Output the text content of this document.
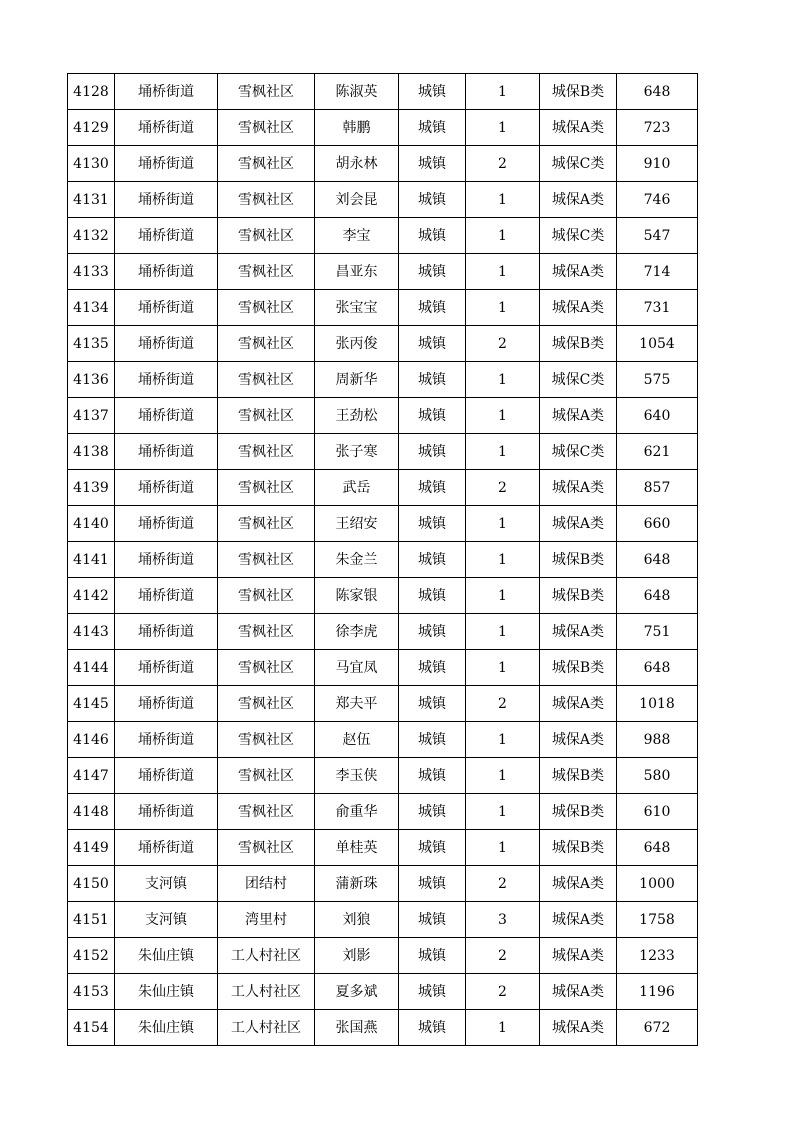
4128	埇桥街道	雪枫社区	陈淑英	城镇	1	城保B类	648
4129	埇桥街道	雪枫社区	韩鹏	城镇	1	城保A类	723
4130	埇桥街道	雪枫社区	胡永林	城镇	2	城保C类	910
4131	埇桥街道	雪枫社区	刘会昆	城镇	1	城保A类	746
4132	埇桥街道	雪枫社区	李宝	城镇	1	城保C类	547
4133	埇桥街道	雪枫社区	昌亚东	城镇	1	城保A类	714
4134	埇桥街道	雪枫社区	张宝宝	城镇	1	城保A类	731
4135	埇桥街道	雪枫社区	张丙俊	城镇	2	城保B类	1054
4136	埇桥街道	雪枫社区	周新华	城镇	1	城保C类	575
4137	埇桥街道	雪枫社区	王劲松	城镇	1	城保A类	640
4138	埇桥街道	雪枫社区	张子寒	城镇	1	城保C类	621
4139	埇桥街道	雪枫社区	武岳	城镇	2	城保A类	857
4140	埇桥街道	雪枫社区	王绍安	城镇	1	城保A类	660
4141	埇桥街道	雪枫社区	朱金兰	城镇	1	城保B类	648
4142	埇桥街道	雪枫社区	陈家银	城镇	1	城保B类	648
4143	埇桥街道	雪枫社区	徐李虎	城镇	1	城保A类	751
4144	埇桥街道	雪枫社区	马宜凤	城镇	1	城保B类	648
4145	埇桥街道	雪枫社区	郑夫平	城镇	2	城保A类	1018
4146	埇桥街道	雪枫社区	赵伍	城镇	1	城保A类	988
4147	埇桥街道	雪枫社区	李玉侠	城镇	1	城保B类	580
4148	埇桥街道	雪枫社区	俞重华	城镇	1	城保B类	610
4149	埇桥街道	雪枫社区	单桂英	城镇	1	城保B类	648
4150	支河镇	团结村	蒲新珠	城镇	2	城保A类	1000
4151	支河镇	湾里村	刘狼	城镇	3	城保A类	1758
4152	朱仙庄镇	工人村社区	刘影	城镇	2	城保A类	1233
4153	朱仙庄镇	工人村社区	夏多斌	城镇	2	城保A类	1196
4154	朱仙庄镇	工人村社区	张国燕	城镇	1	城保A类	672
